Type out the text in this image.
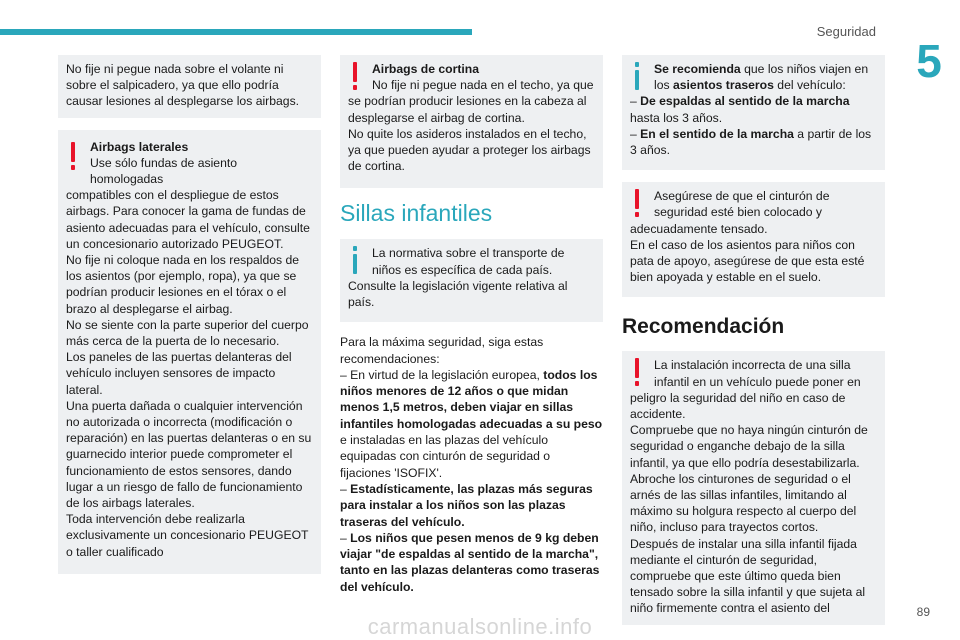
Seguridad
5

No fije ni pegue nada sobre el volante ni sobre el salpicadero, ya que ello podría causar lesiones al desplegarse los airbags.

Airbags laterales

Use sólo fundas de asiento homologadas

compatibles con el despliegue de estos airbags. Para conocer la gama de fundas de asiento adecuadas para el vehículo, consulte un concesionario autorizado PEUGEOT.

No fije ni coloque nada en los respaldos de los asientos (por ejemplo, ropa), ya que se podrían producir lesiones en el tórax o el brazo al desplegarse el airbag.

No se siente con la parte superior del cuerpo más cerca de la puerta de lo necesario.

Los paneles de las puertas delanteras del vehículo incluyen sensores de impacto lateral.

Una puerta dañada o cualquier intervención no autorizada o incorrecta (modificación o reparación) en las puertas delanteras o en su guarnecido interior puede comprometer el funcionamiento de estos sensores, dando lugar a un riesgo de fallo de funcionamiento de los airbags laterales.

Toda intervención debe realizarla exclusivamente un concesionario PEUGEOT o taller cualificado

Airbags de cortina

No fije ni pegue nada en el techo, ya que

se podrían producir lesiones en la cabeza al desplegarse el airbag de cortina.

No quite los asideros instalados en el techo, ya que pueden ayudar a proteger los airbags de cortina.

Sillas infantiles

La normativa sobre el transporte de

niños es específica de cada país.

Consulte la legislación vigente relativa al país.

Para la máxima seguridad, siga estas recomendaciones:

– En virtud de la legislación europea, todos los niños menores de 12 años o que midan menos 1,5 metros, deben viajar en sillas infantiles homologadas adecuadas a su peso e instaladas en las plazas del vehículo equipadas con cinturón de seguridad o fijaciones 'ISOFIX'.

– Estadísticamente, las plazas más seguras para instalar a los niños son las plazas traseras del vehículo.

– Los niños que pesen menos de 9 kg deben viajar "de espaldas al sentido de la marcha", tanto en las plazas delanteras como traseras del vehículo.

Se recomienda que los niños viajen en

los asientos traseros del vehículo:

– De espaldas al sentido de la marcha hasta los 3 años.

– En el sentido de la marcha a partir de los 3 años.

Asegúrese de que el cinturón de

seguridad esté bien colocado y

adecuadamente tensado.

En el caso de los asientos para niños con pata de apoyo, asegúrese de que esta esté bien apoyada y estable en el suelo.

Recomendación

La instalación incorrecta de una silla

infantil en un vehículo puede poner en

peligro la seguridad del niño en caso de accidente.

Compruebe que no haya ningún cinturón de seguridad o enganche debajo de la silla infantil, ya que ello podría desestabilizarla.

Abroche los cinturones de seguridad o el arnés de las sillas infantiles, limitando al máximo su holgura respecto al cuerpo del niño, incluso para trayectos cortos.

Después de instalar una silla infantil fijada mediante el cinturón de seguridad, compruebe que este último queda bien tensado sobre la silla infantil y que sujeta al niño firmemente contra el asiento del	89
carmanualsonline.info
